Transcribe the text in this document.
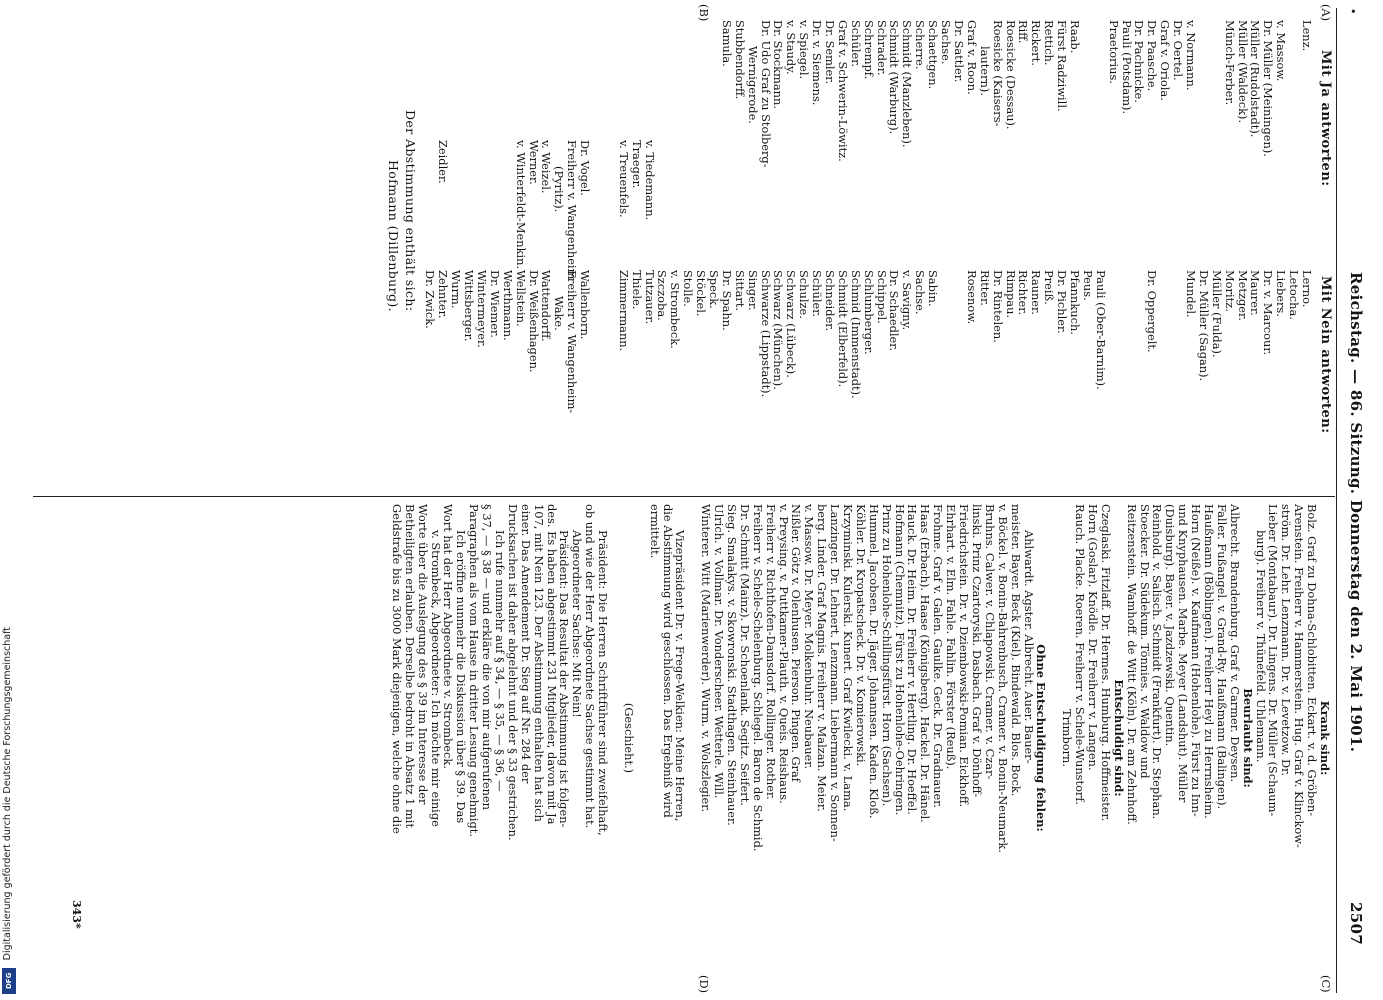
Reichstag. — 86. Sitzung. Donnerstag den 2. Mai 1901.
2507
•
(A)
(B)
Mit Ja antworten:
Mit Nein antworten:
Lenz.
v. Massow.
Dr. Müller (Meiningen).
Müller (Rudolstadt).
Müller (Waldeck).
Münch-Ferber.
v. Normann.
Dr. Oertel.
Graf v. Oriola.
Dr. Paasche.
Dr. Pachnicke.
Pauli (Potsdam).
Praetorius.
Raab.
Fürst Radziwill.
Rettich.
Rickert.
Riff.
Roesicke (Dessau).
Roesicke (Kaisers-
lautern).
Graf v. Roon.
Dr. Sattler.
Sachse.
Schaettgen.
Scherre.
Schmidt (Manzleben).
Schmidt (Warburg).
Schrader.
Schrempf.
Schüler.
Graf v. Schwerin-Löwitz.
Dr. Semler.
Dr. v. Siemens.
v. Spiegel.
v. Staudy.
Dr. Stockmann.
Dr. Udo Graf zu Stolberg-
Wernigerode.
Stubbendorff.
Samula.
v. Tiedemann.
Traeger.
v. Treuenfels.
Dr. Vogel.
Freiherr v. Wangenheim
(Pyritz).
v. Weizel.
Werner.
v. Winterfeldt-Menkin.
Zeidler.
Lerno.
Letocha.
Liebers.
Dr. v. Marcour.
Maurer.
Metzger.
Moritz.
Müller (Fulda).
Dr. Müller (Sagan).
Mundel.
Dr. Oppergelt.
Pauli (Ober-Barnim).
Peus.
Pfannkuch.
Dr. Pichler.
Preiß.
Rauner.
Richter.
Rimpau.
Dr. Rintelen.
Ritter.
Rosenow.
Sabin.
Sachse.
v. Savigny.
Dr. Schaedler.
Schippel.
Schlumberger.
Schmid (Immenstadt).
Schmidt (Elberfeld).
Schneider.
Schüler.
Schulze.
Schwarz (Lübeck).
Schwarz (München).
Schwarze (Lippstadt).
Singer.
Sittart.
Dr. Spahn.
Speck.
Stöckel.
Stolle.
v. Strombeck.
Szczoba.
Tutzauer.
Thiele.
Zimmermann.
Wallenborn.
Freiherr v. Wangenheim-
Wake.
Wattendorff.
Dr. Weißenhagen.
Wellstein.
Werthmann.
Dr. Wiemer.
Wintermeyer.
Wittsberger.
Wurm.
Zehnter.
Dr. Zwick.
Der Abstimmung enthält sich:
Hofmann (Dillenburg).
(C)
(D)
Krank sind:
Bolz. Graf zu Dohna-Schlobitten. Eckart. v. d. Gröben-
Arenstein. Freiherr v. Hammerstein. Hug. Graf v. Klinckow-
ström. Dr. Lehr. Lenzmann. Dr. v. Levetzow. Dr.
Lieber (Montabaur). Dr. Lingens. Dr. Müller (Schaum-
burg). Freiherr v. Thünefeld. Uhlemann.
Beurlaubt sind:
Albrecht. Brandenburg. Graf v. Carmer. Deysen.
Faller. Fußangel. v. Grand-Ry. Haußmann (Balingen).
Haußmann (Böblingen). Freiherr Heyl zu Herrnsheim.
Horn (Neiße). v. Kaufmann (Hohenlohe). Fürst zu Inn-
und Knyphausen. Marbe. Meyer (Landshut). Müller
(Duisburg). Bayer. v. Jazdzewski. Quentin.
Reinhold. v. Salisch. Schmidt (Frankfurt). Dr. Stephan.
Stoecker. Dr. Südekum. Tönnies. v. Waldow und
Reitzenstein. Wamhoff. de Witt (Köln). Dr. am Zehnhoff.
Entschuldigt sind:
Czeglaski. Fitzlaff. Dr. Hermes. Humburg. Hoffmeister.
Horn (Goslar). Knödle. Dr. Freiherr v. Langen.
Rauch. Placke. Roeren. Freiherr v. Schele-Wunstorf.
Trimborn.
Ohne Entschuldigung fehlen:
Ahlwardt. Agster. Albrecht. Auer. Bauer-
meister. Bayer. Beck (Kiel). Bindewald. Blos. Bock.
v. Böckel. v. Bonin-Bahrenbusch. Cramer. v. Bonin-Neumark.
Bruhns. Calwer. v. Chlapowski. Cramer. v. Czar-
linski. Prinz Czartoryski. Dasbach. Graf v. Dönhoff-
Friedrichstein. Dr. v. Dziembowski-Pomian. Eickhoff.
Ehrhart. v. Elm. Fahle. Fahlin. Förster (Reuß).
Frohme. Graf v. Galen. Gaulke. Geck. Dr. Gradnauer.
Haas (Erbach). Haase (Königsberg). Hackel. Dr. Hänel.
Hauck. Dr. Heim. Dr. Freiherr v. Hertling. Dr. Hoeffel.
Hofmann (Chemnitz). Fürst zu Hohenlohe-Oehringen.
Prinz zu Hohenlohe-Schillingsfürst. Horn (Sachsen).
Hummel. Jacobsen. Dr. Jäger. Johannsen. Kaden. Kloß.
Köhler. Dr. Kropatscheck. Dr. v. Komierowski.
Krzyminski. Kulerski. Kunert. Graf Kwilecki. v. Lama.
Lanzinger. Dr. Lehnert. Lenzmann. Liebermann v. Sonnen-
berg. Linder. Graf Magnis. Freiherr v. Malzan. Meier.
v. Massow. Dr. Meyer. Molkenbuhr. Neubauer.
Nißler. Götz v. Olenhusen. Pierson. Pingen. Graf
v. Preysing. v. Puttkamer-Plauth. v. Queis. Reishaus.
Freiherr v. Richthofen-Damsdorf. Rollinger. Rother.
Freiherr v. Schele-Schelenburg. Schlegel. Baron de Schmid.
Dr. Schmitt (Mainz). Dr. Schoenlank. Segitz. Seifert.
Sieg. Smalakys. v. Skowronski. Stadthagen. Steinhauer.
Ulrich. v. Vollmar. Dr. Vonderscheer. Wetterle. Will.
Winterer. Witt (Marienwerder). Wurm. v. Wolszlegier.
Vizepräsident Dr. v. Frege-Welkien: Meine Herren,
die Abstimmung wird geschlossen. Das Ergebniß wird
ermittelt.
(Geschieht.)
Präsident: Die Herren Schriftführer sind zweifelhaft,
ob und wie der Herr Abgeordnete Sachse gestimmt hat.
Abgeordneter Sachse: Mit Nein!
Präsident: Das Resultat der Abstimmung ist folgen-
des. Es haben abgestimmt 231 Mitglieder, davon mit Ja
107, mit Nein 123. Der Abstimmung enthalten hat sich
einer. Das Amendement Dr. Sieg auf Nr. 284 der
Drucksachen ist daher abgelehnt und der § 33 gestrichen.
Ich rufe nunmehr auf § 34, — § 35, — § 36, —
§ 37, — § 38 — und erkläre die von mir aufgerufenen
Paragraphen als vom Hause in dritter Lesung genehmigt.
Ich eröffne nunmehr die Diskussion über § 39. Das
Wort hat der Herr Abgeordnete v. Strombeck.
v. Strombeck, Abgeordneter: Ich möchte mir einige
Worte über die Auslegung des § 39 im Interesse der
Betheiligten erlauben. Derselbe bedroht in Absatz 1 mit
Geldstrafe bis zu 3000 Mark diejenigen, welche ohne die
343*
Digitalisierung gefördert durch die Deutsche Forschungsgemeinschaft
DFG
